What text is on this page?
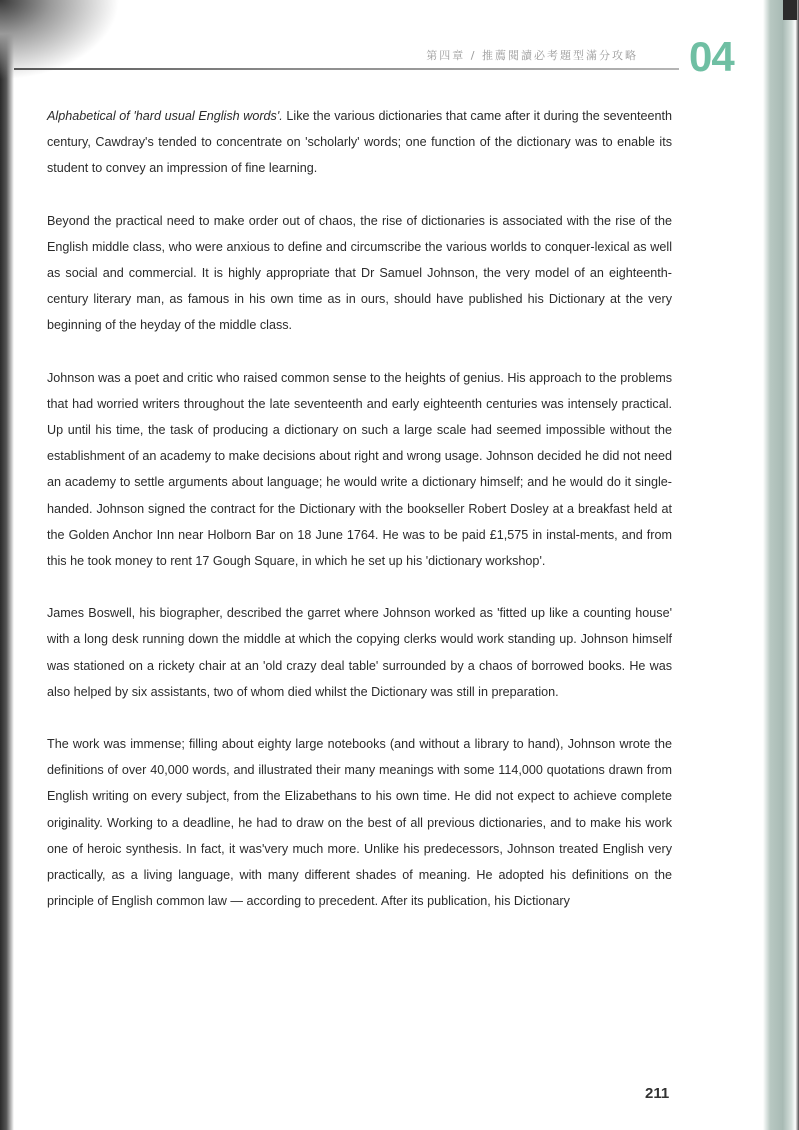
第四章 / 推薦閱讀必考題型滿分攻略 04

Alphabetical of 'hard usual English words'. Like the various dictionaries that came after it during the seventeenth century, Cawdray's tended to concentrate on 'scholarly' words; one function of the dictionary was to enable its student to convey an impression of fine learning.

Beyond the practical need to make order out of chaos, the rise of dictionaries is associated with the rise of the English middle class, who were anxious to define and circumscribe the various worlds to conquer-lexical as well as social and commercial. It is highly appropriate that Dr Samuel Johnson, the very model of an eighteenth-century literary man, as famous in his own time as in ours, should have published his Dictionary at the very beginning of the heyday of the middle class.

Johnson was a poet and critic who raised common sense to the heights of genius. His approach to the problems that had worried writers throughout the late seventeenth and early eighteenth centuries was intensely practical. Up until his time, the task of producing a dictionary on such a large scale had seemed impossible without the establishment of an academy to make decisions about right and wrong usage. Johnson decided he did not need an academy to settle arguments about language; he would write a dictionary himself; and he would do it single-handed. Johnson signed the contract for the Dictionary with the bookseller Robert Dosley at a breakfast held at the Golden Anchor Inn near Holborn Bar on 18 June 1764. He was to be paid £1,575 in instal-ments, and from this he took money to rent 17 Gough Square, in which he set up his 'dictionary workshop'.

James Boswell, his biographer, described the garret where Johnson worked as 'fitted up like a counting house' with a long desk running down the middle at which the copying clerks would work standing up. Johnson himself was stationed on a rickety chair at an 'old crazy deal table' surrounded by a chaos of borrowed books. He was also helped by six assistants, two of whom died whilst the Dictionary was still in preparation.

The work was immense; filling about eighty large notebooks (and without a library to hand), Johnson wrote the definitions of over 40,000 words, and illustrated their many meanings with some 114,000 quotations drawn from English writing on every subject, from the Elizabethans to his own time. He did not expect to achieve complete originality. Working to a deadline, he had to draw on the best of all previous dictionaries, and to make his work one of heroic synthesis. In fact, it was'very much more. Unlike his predecessors, Johnson treated English very practically, as a living language, with many different shades of meaning. He adopted his definitions on the principle of English common law — according to precedent. After its publication, his Dictionary

211
